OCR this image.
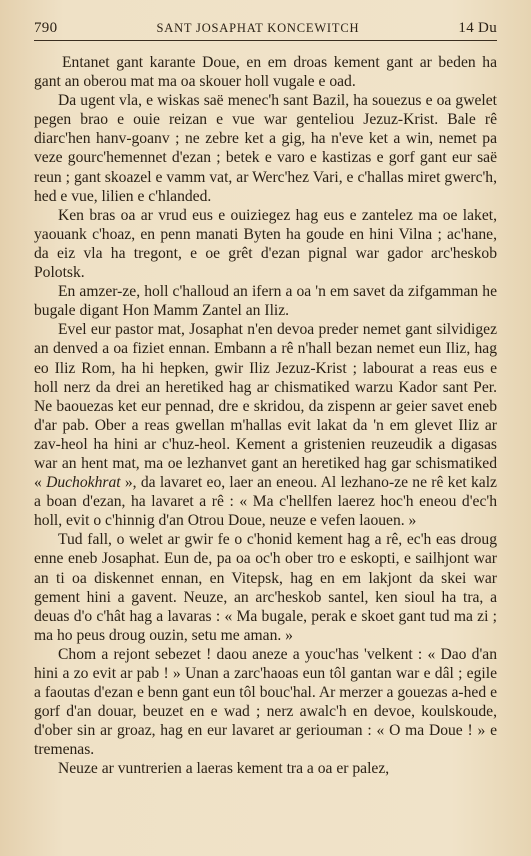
790	SANT JOSAPHAT KONCEWITCH	14 Du

Entanet gant karante Doue, en em droas kement gant ar beden ha gant an oberou mat ma oa skouer holl vugale e oad.

Da ugent vla, e wiskas saë menec'h sant Bazil, ha souezus e oa gwelet pegen brao e ouie reizan e vue war genteliou Jezuz-Krist. Bale rê diarc'hen hanv-goanv ; ne zebre ket a gig, ha n'eve ket a win, nemet pa veze gourc'hemennet d'ezan ; betek e varo e kastizas e gorf gant eur saë reun ; gant skoazel e vamm vat, ar Werc'hez Vari, e c'hallas miret gwerc'h, hed e vue, lilien e c'hlanded.

Ken bras oa ar vrud eus e ouiziegez hag eus e zantelez ma oe laket, yaouank c'hoaz, en penn manati Byten ha goude en hini Vilna ; ac'hane, da eiz vla ha tregont, e oe grêt d'ezan pignal war gador arc'heskob Polotsk.

En amzer-ze, holl c'halloud an ifern a oa 'n em savet da zifgamman he bugale digant Hon Mamm Zantel an Iliz.

Evel eur pastor mat, Josaphat n'en devoa preder nemet gant silvidigez an denved a oa fiziet ennan. Embann a rê n'hall bezan nemet eun Iliz, hag eo Iliz Rom, ha hi hepken, gwir Iliz Jezuz-Krist ; labourat a reas eus e holl nerz da drei an heretiked hag ar chismatiked warzu Kador sant Per. Ne baouezas ket eur pennad, dre e skridou, da zispenn ar geier savet eneb d'ar pab. Ober a reas gwellan m'hallas evit lakat da 'n em glevet Iliz ar zav-heol ha hini ar c'huz-heol. Kement a gristenien reuzeudik a digasas war an hent mat, ma oe lezhanvet gant an heretiked hag gar schismatiked « Duchokhrat », da lavaret eo, laer an eneou. Al lezhano-ze ne rê ket kalz a boan d'ezan, ha lavaret a rê : « Ma c'hellfen laerez hoc'h eneou d'ec'h holl, evit o c'hinnig d'an Otrou Doue, neuze e vefen laouen. »

Tud fall, o welet ar gwir fe o c'honid kement hag a rê, ec'h eas droug enne eneb Josaphat. Eun de, pa oa oc'h ober tro e eskopti, e sailhjont war an ti oa diskennet ennan, en Vitepsk, hag en em lakjont da skei war gement hini a gavent. Neuze, an arc'heskob santel, ken sioul ha tra, a deuas d'o c'hât hag a lavaras : « Ma bugale, perak e skoet gant tud ma zi ; ma ho peus droug ouzin, setu me aman. »

Chom a rejont sebezet ! daou aneze a youc'has 'velkent : « Dao d'an hini a zo evit ar pab ! » Unan a zarc'haoas eun tôl gantan war e dâl ; egile a faoutas d'ezan e benn gant eun tôl bouc'hal. Ar merzer a gouezas a-hed e gorf d'an douar, beuzet en e wad ; nerz awalc'h en devoe, koulskoude, d'ober sin ar groaz, hag en eur lavaret ar geriouman : « O ma Doue ! » e tremenas.

Neuze ar vuntrerien a laeras kement tra a oa er palez,
